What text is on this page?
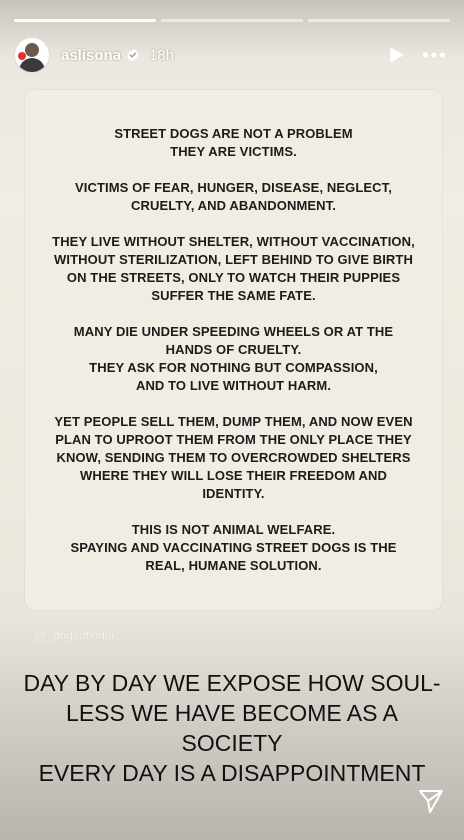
aslisona 18h

STREET DOGS ARE NOT A PROBLEM
THEY ARE VICTIMS.

VICTIMS OF FEAR, HUNGER, DISEASE, NEGLECT,
CRUELTY, AND ABANDONMENT.

THEY LIVE WITHOUT SHELTER, WITHOUT VACCINATION,
WITHOUT STERILIZATION, LEFT BEHIND TO GIVE BIRTH
ON THE STREETS, ONLY TO WATCH THEIR PUPPIES
SUFFER THE SAME FATE.

MANY DIE UNDER SPEEDING WHEELS OR AT THE
HANDS OF CRUELTY.
THEY ASK FOR NOTHING BUT COMPASSION,
AND TO LIVE WITHOUT HARM.

YET PEOPLE SELL THEM, DUMP THEM, AND NOW EVEN
PLAN TO UPROOT THEM FROM THE ONLY PLACE THEY
KNOW, SENDING THEM TO OVERCROWDED SHELTERS
WHERE THEY WILL LOSE THEIR FREEDOM AND
IDENTITY.

THIS IS NOT ANIMAL WELFARE.
SPAYING AND VACCINATING STREET DOGS IS THE
REAL, HUMANE SOLUTION.

@_dogsofindia
DAY BY DAY WE EXPOSE HOW SOUL-
LESS WE HAVE BECOME AS A
SOCIETY
EVERY DAY IS A DISAPPOINTMENT
